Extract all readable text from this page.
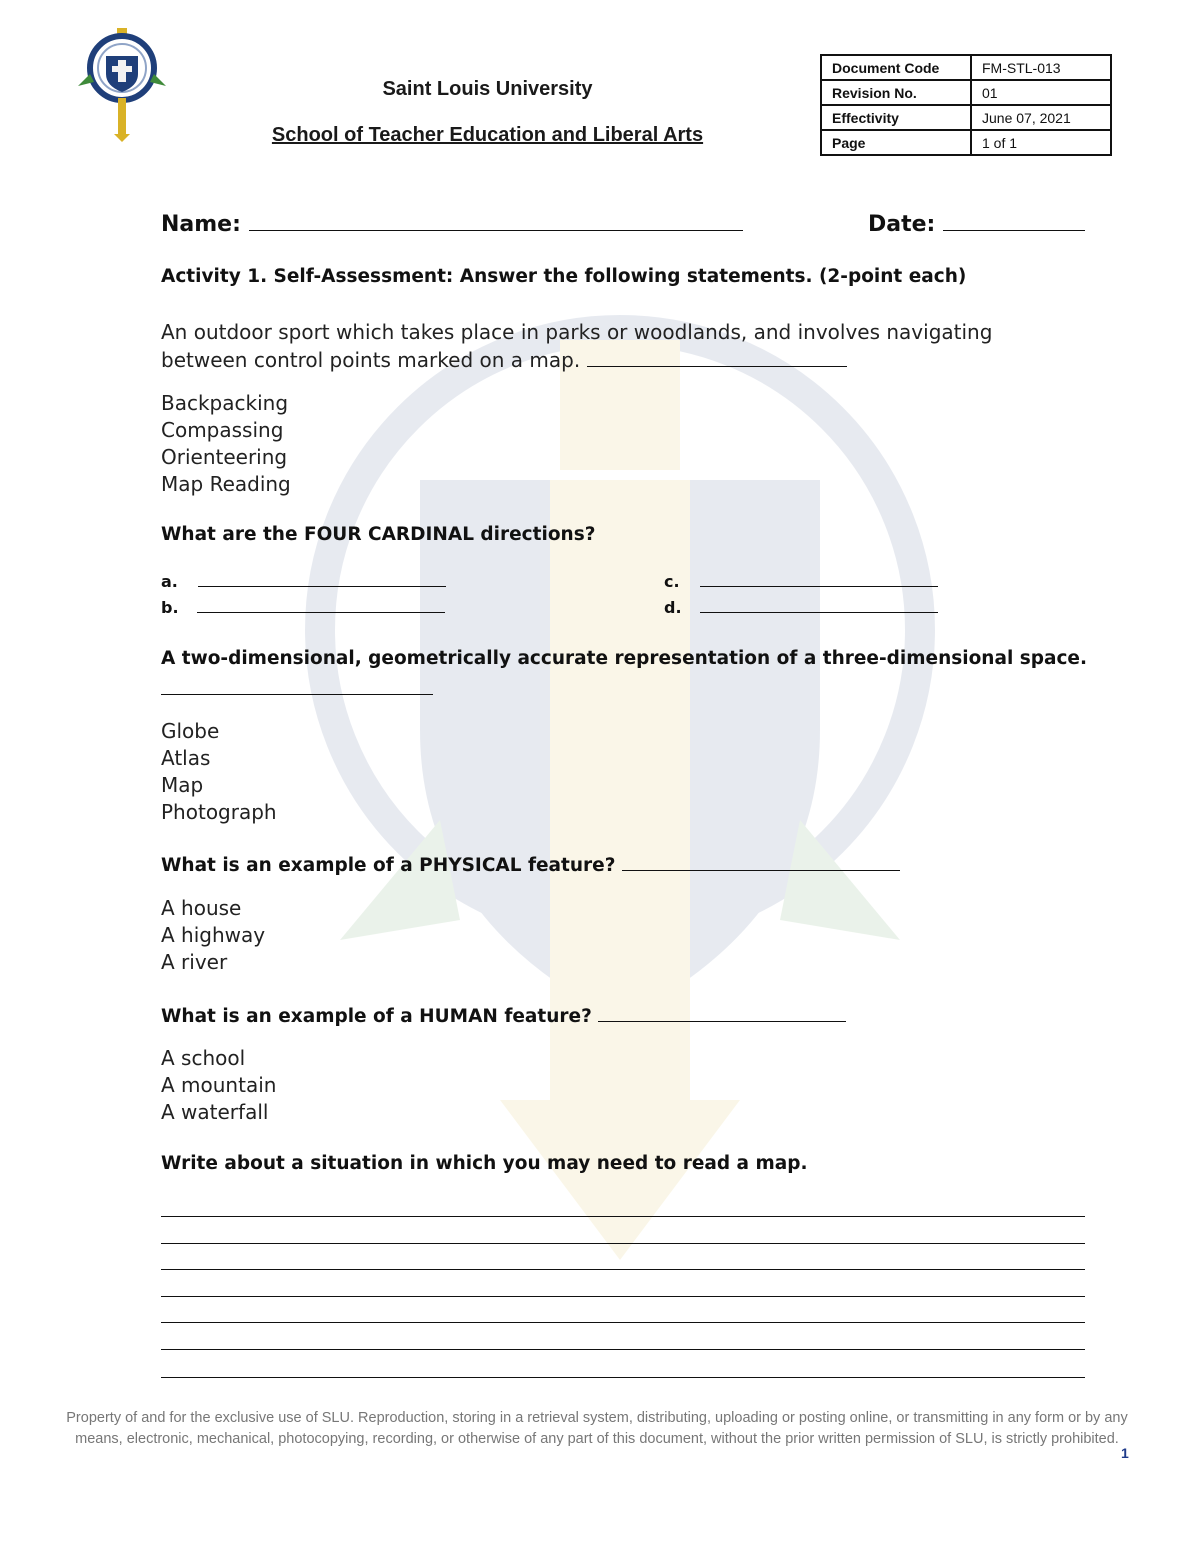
Saint Louis University
School of Teacher Education and Liberal Arts
Document Code	FM-STL-013
Revision No.	01
Effectivity	June 07, 2021
Page	1 of 1
Name:	Date:
Activity 1. Self-Assessment: Answer the following statements. (2-point each)
An outdoor sport which takes place in parks or woodlands, and involves navigating
between control points marked on a map.
Backpacking
Compassing
Orienteering
Map Reading
What are the FOUR CARDINAL directions?
a.
b.
c.
d.
A two-dimensional, geometrically accurate representation of a three-dimensional space.
Globe
Atlas
Map
Photograph
What is an example of a PHYSICAL feature?
A house
A highway
A river
What is an example of a HUMAN feature?
A school
A mountain
A waterfall
Write about a situation in which you may need to read a map.
Property of and for the exclusive use of SLU. Reproduction, storing in a retrieval system, distributing, uploading or posting online, or transmitting in any form or by any
means, electronic, mechanical, photocopying, recording, or otherwise of any part of this document, without the prior written permission of SLU, is strictly prohibited.
1
